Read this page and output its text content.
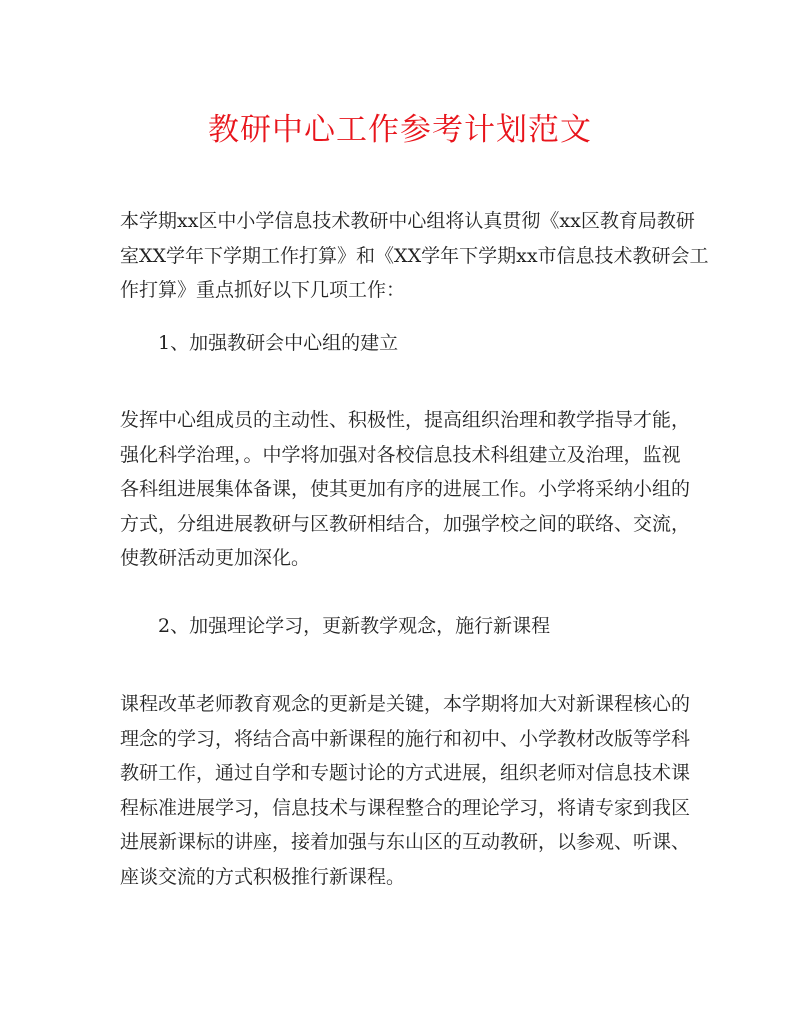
教研中心工作参考计划范文
本学期xx区中小学信息技术教研中心组将认真贯彻《xx区教育局教研
室XX学年下学期工作打算》和《XX学年下学期xx市信息技术教研会工
作打算》重点抓好以下几项工作：
1、加强教研会中心组的建立
发挥中心组成员的主动性、积极性，提高组织治理和教学指导才能，
强化科学治理，。中学将加强对各校信息技术科组建立及治理，监视
各科组进展集体备课，使其更加有序的进展工作。小学将采纳小组的
方式，分组进展教研与区教研相结合，加强学校之间的联络、交流，
使教研活动更加深化。
2、加强理论学习，更新教学观念，施行新课程
课程改革老师教育观念的更新是关键，本学期将加大对新课程核心的
理念的学习，将结合高中新课程的施行和初中、小学教材改版等学科
教研工作，通过自学和专题讨论的方式进展，组织老师对信息技术课
程标准进展学习，信息技术与课程整合的理论学习，将请专家到我区
进展新课标的讲座，接着加强与东山区的互动教研，以参观、听课、
座谈交流的方式积极推行新课程。
